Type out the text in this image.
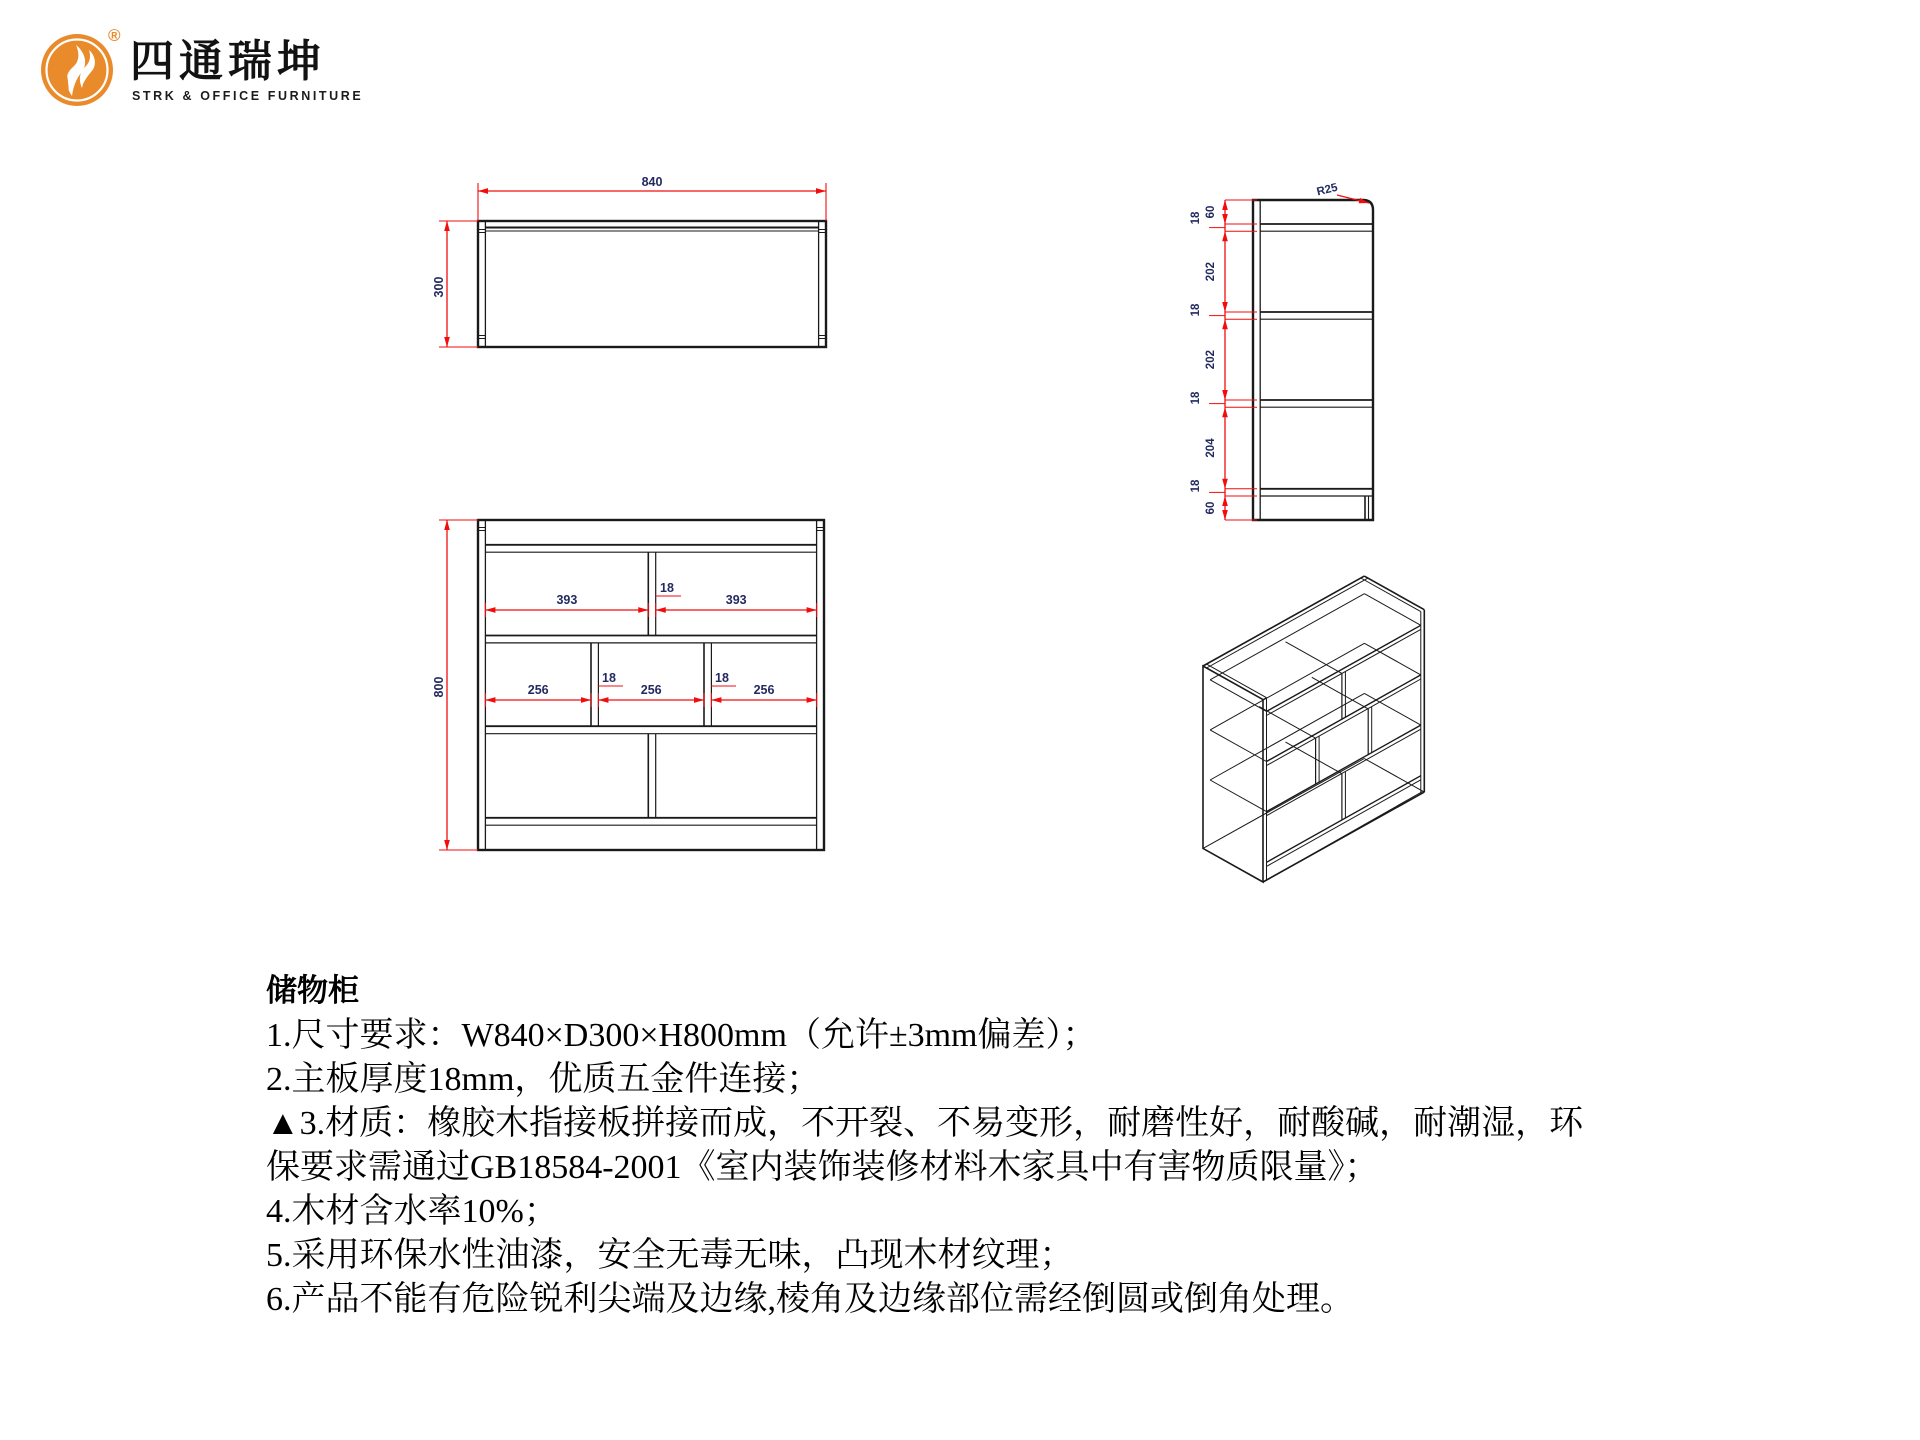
®
四通瑞坤
STRK & OFFICE FURNITURE
840
300
800
393
18
393
256
18
256
18
256
18 60
202
18
202
18
204
18
60
R25
储物柜
1.尺寸要求：W840×D300×H800mm（允许±3mm偏差）；
2.主板厚度18mm，优质五金件连接；
▲3.材质：橡胶木指接板拼接而成，不开裂、不易变形，耐磨性好，耐酸碱，耐潮湿，环
保要求需通过GB18584-2001《室内装饰装修材料木家具中有害物质限量》；
4.木材含水率10%；
5.采用环保水性油漆，安全无毒无味，凸现木材纹理；
6.产品不能有危险锐利尖端及边缘,棱角及边缘部位需经倒圆或倒角处理。
